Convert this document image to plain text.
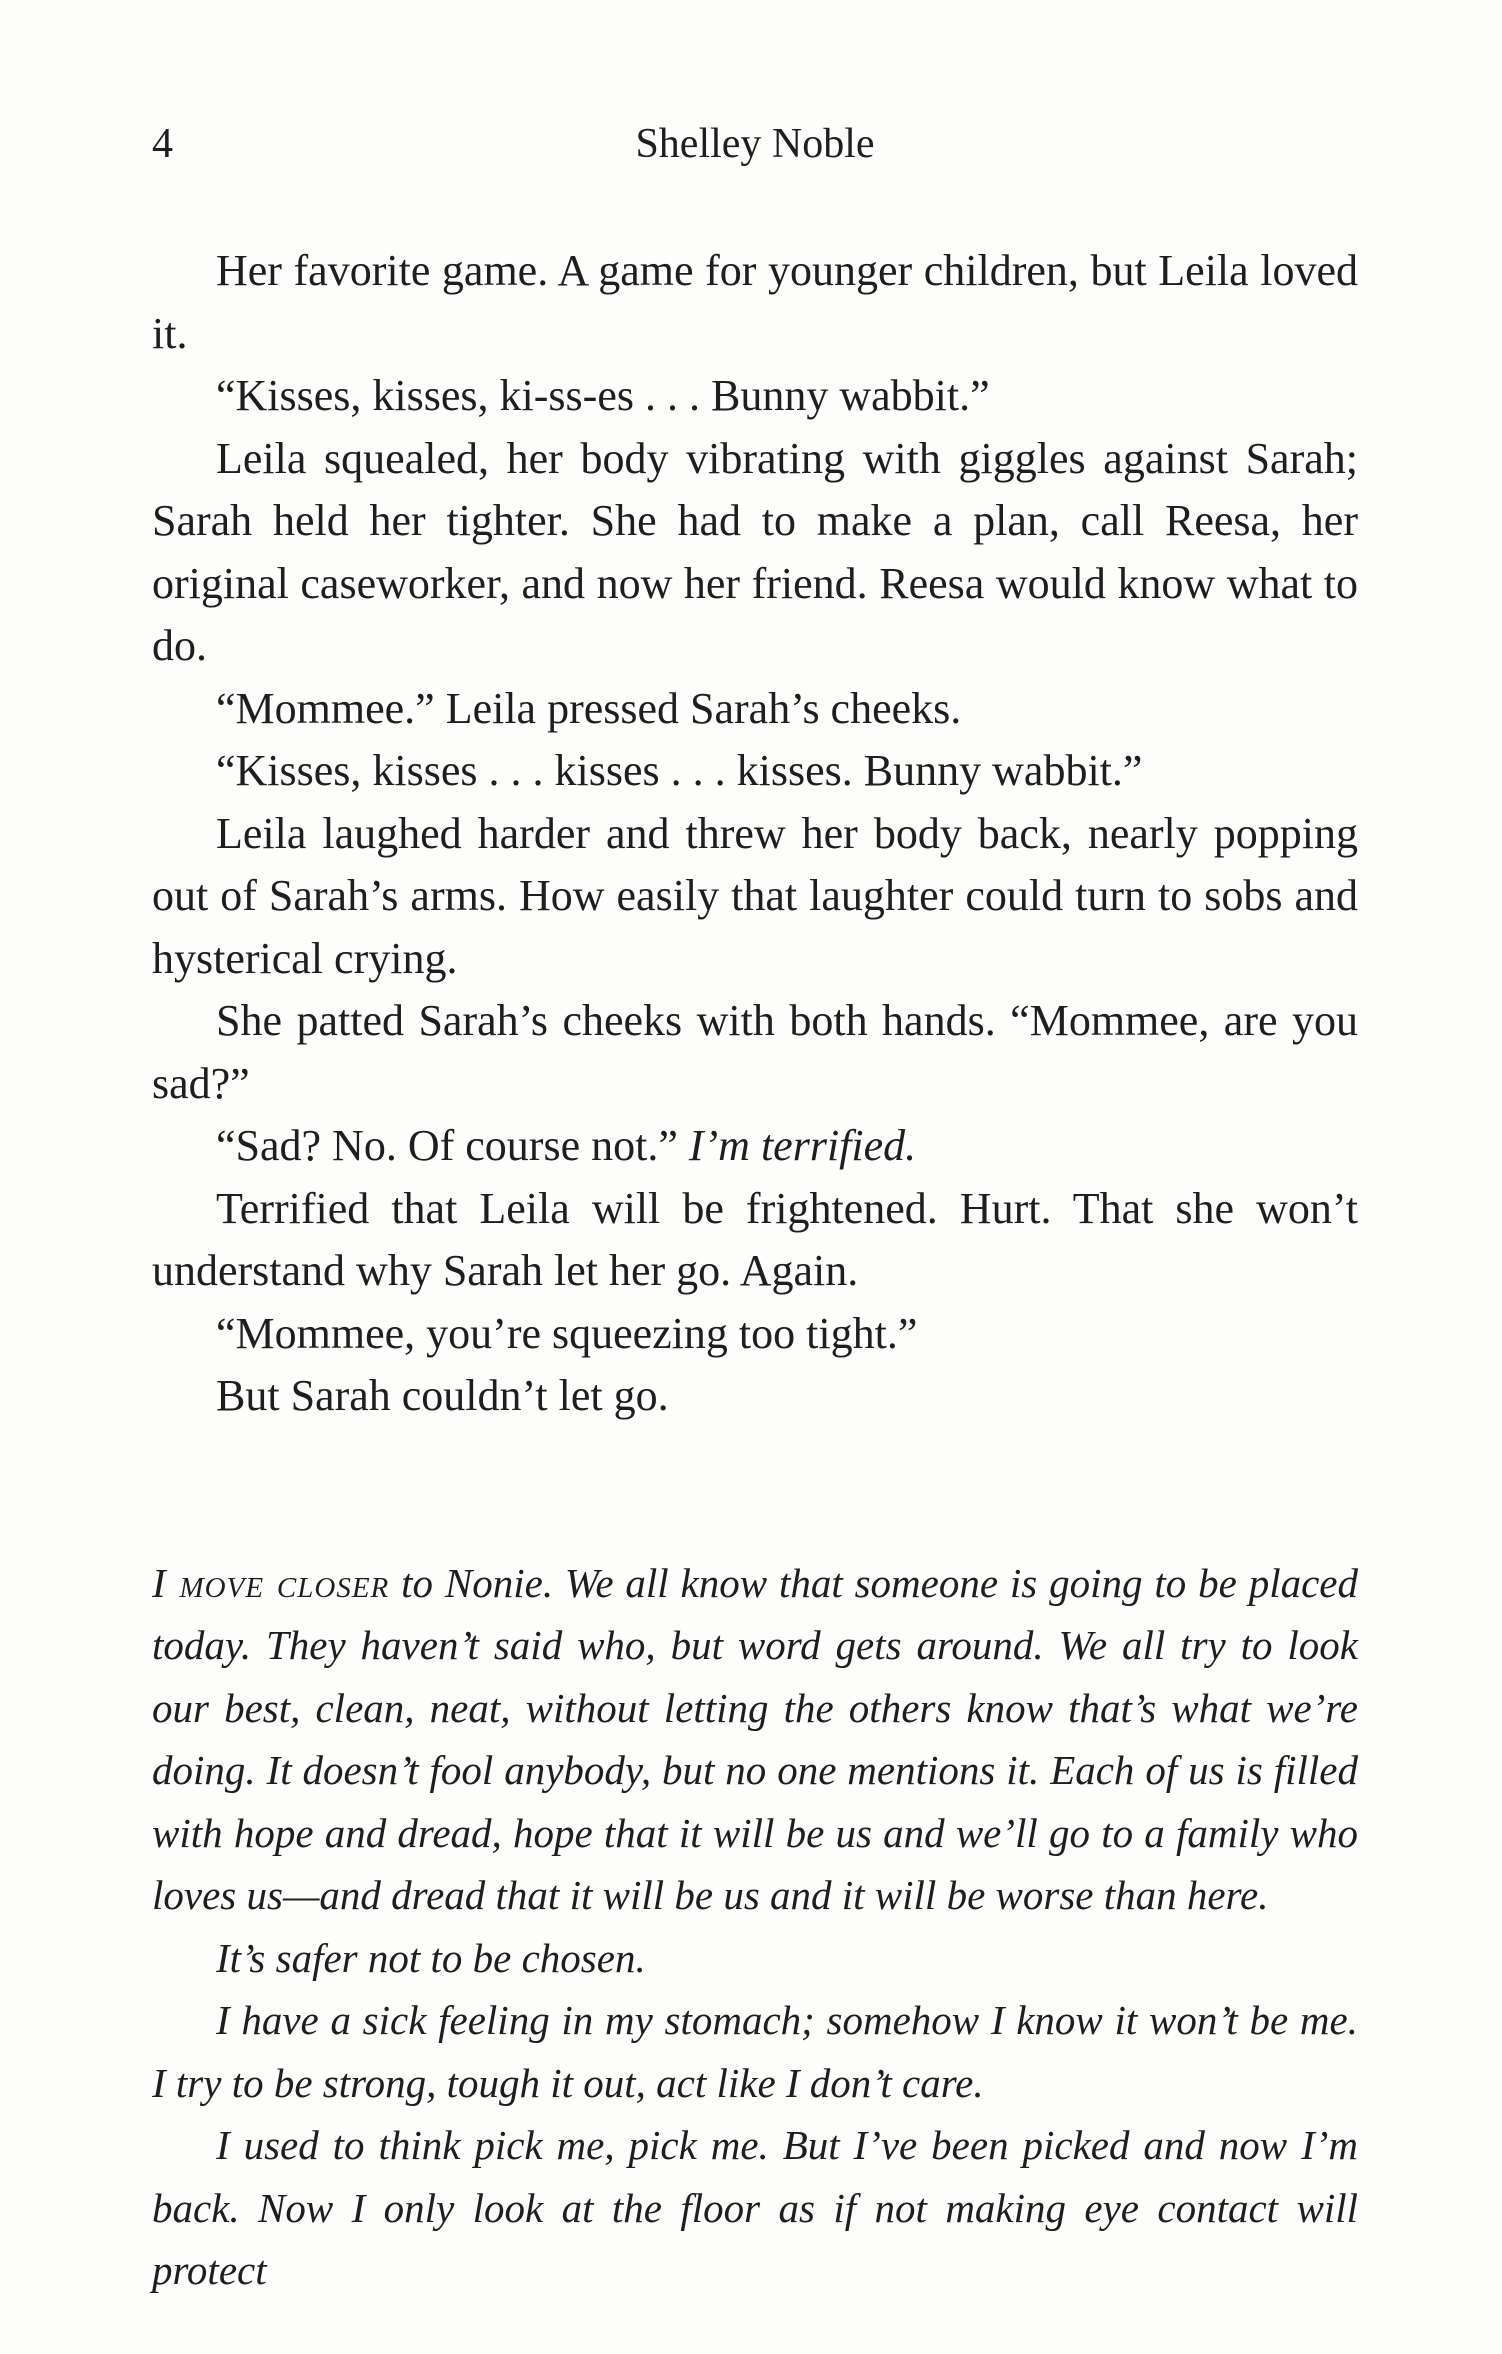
4	Shelley Noble

Her favorite game. A game for younger children, but Leila loved it.

“Kisses, kisses, ki-ss-es . . . Bunny wabbit.”

Leila squealed, her body vibrating with giggles against Sarah; Sarah held her tighter. She had to make a plan, call Reesa, her original caseworker, and now her friend. Reesa would know what to do.

“Mommee.” Leila pressed Sarah’s cheeks.

“Kisses, kisses . . . kisses . . . kisses. Bunny wabbit.”

Leila laughed harder and threw her body back, nearly popping out of Sarah’s arms. How easily that laughter could turn to sobs and hysterical crying.

She patted Sarah’s cheeks with both hands. “Mommee, are you sad?”

“Sad? No. Of course not.” I’m terrified.

Terrified that Leila will be frightened. Hurt. That she won’t understand why Sarah let her go. Again.

“Mommee, you’re squeezing too tight.”

But Sarah couldn’t let go.

I move closer to Nonie. We all know that someone is going to be placed today. They haven’t said who, but word gets around. We all try to look our best, clean, neat, without letting the others know that’s what we’re doing. It doesn’t fool anybody, but no one mentions it. Each of us is filled with hope and dread, hope that it will be us and we’ll go to a family who loves us—and dread that it will be us and it will be worse than here.

It’s safer not to be chosen.

I have a sick feeling in my stomach; somehow I know it won’t be me. I try to be strong, tough it out, act like I don’t care.

I used to think pick me, pick me. But I’ve been picked and now I’m back. Now I only look at the floor as if not making eye contact will protect
